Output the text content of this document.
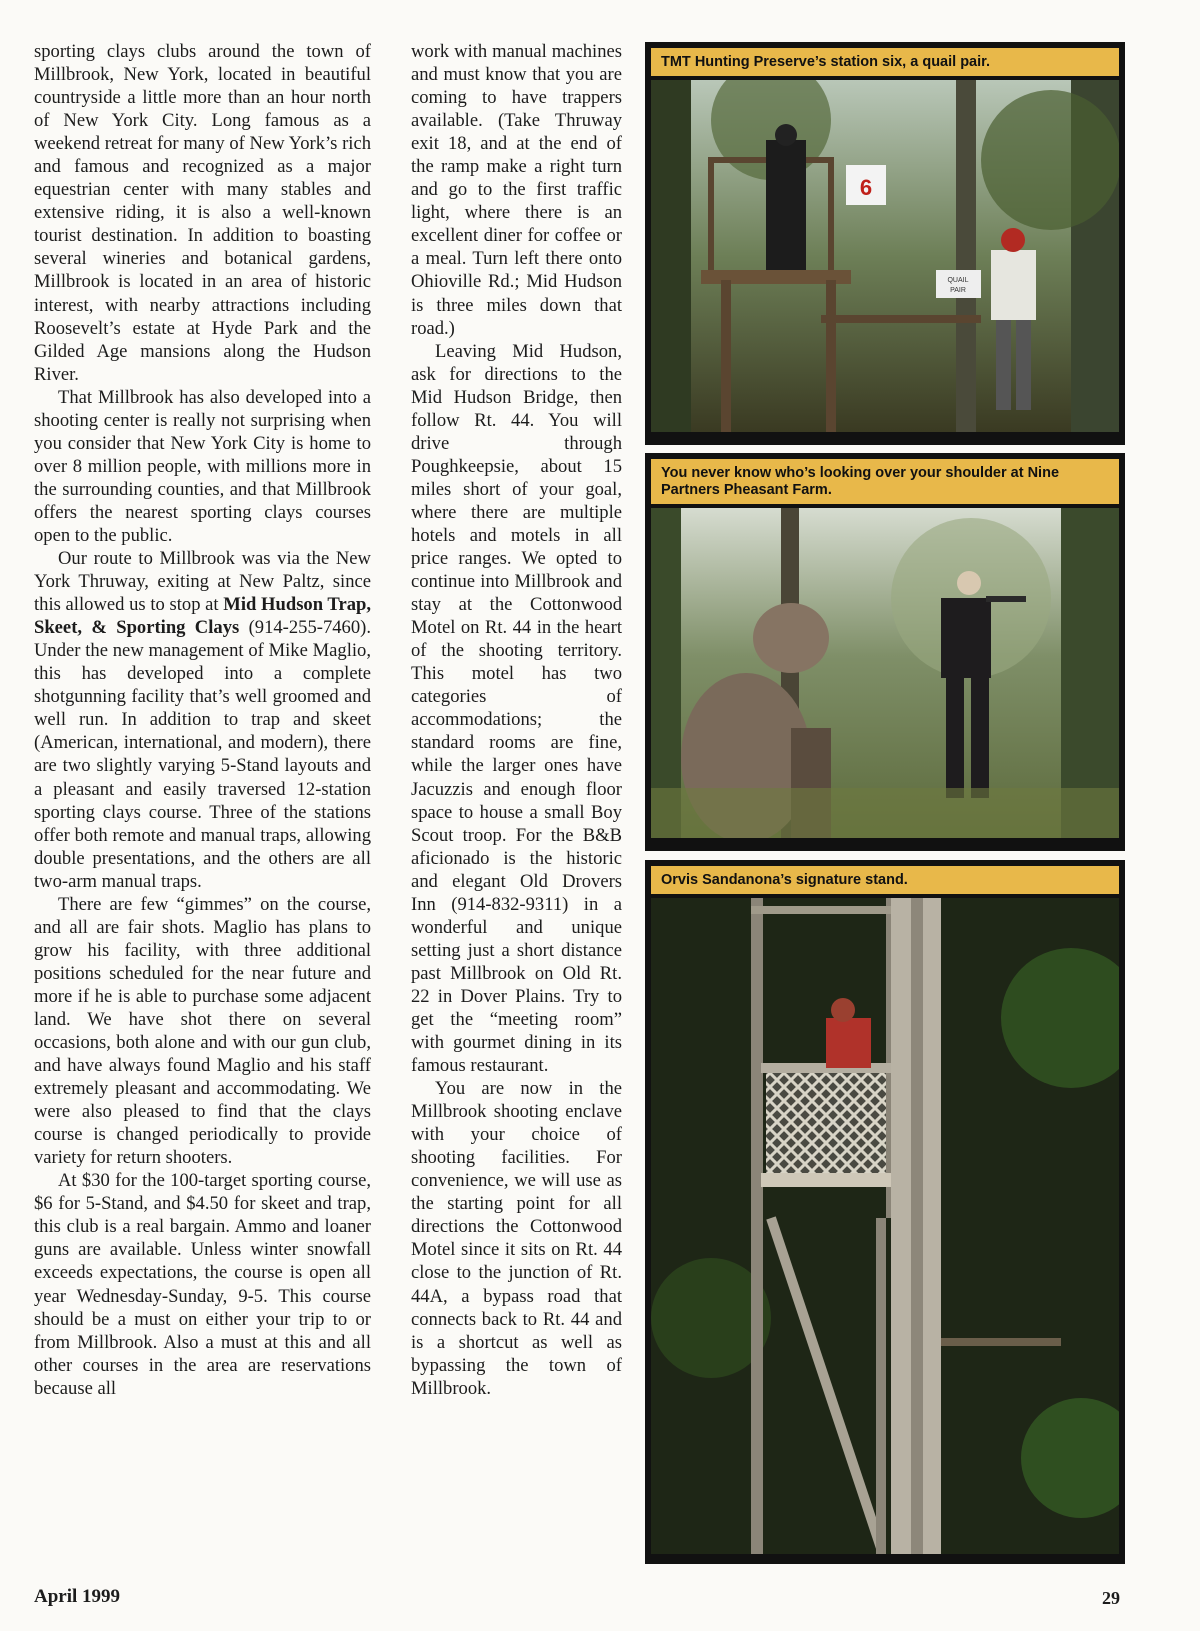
sporting clays clubs around the town of Millbrook, New York, located in beautiful countryside a little more than an hour north of New York City. Long famous as a weekend retreat for many of New York’s rich and famous and recognized as a major equestrian center with many stables and extensive riding, it is also a well-known tourist destination. In addition to boasting several wineries and botanical gardens, Millbrook is located in an area of historic interest, with nearby attractions including Roosevelt’s estate at Hyde Park and the Gilded Age mansions along the Hudson River.

That Millbrook has also developed into a shooting center is really not surprising when you consider that New York City is home to over 8 million people, with millions more in the surrounding counties, and that Millbrook offers the nearest sporting clays courses open to the public.

Our route to Millbrook was via the New York Thruway, exiting at New Paltz, since this allowed us to stop at Mid Hudson Trap, Skeet, & Sporting Clays (914-255-7460). Under the new management of Mike Maglio, this has developed into a complete shotgunning facility that’s well groomed and well run. In addition to trap and skeet (American, international, and modern), there are two slightly varying 5-Stand layouts and a pleasant and easily traversed 12-station sporting clays course. Three of the stations offer both remote and manual traps, allowing double presentations, and the others are all two-arm manual traps.

There are few “gimmes” on the course, and all are fair shots. Maglio has plans to grow his facility, with three additional positions scheduled for the near future and more if he is able to purchase some adjacent land. We have shot there on several occasions, both alone and with our gun club, and have always found Maglio and his staff extremely pleasant and accommodating. We were also pleased to find that the clays course is changed periodically to provide variety for return shooters.

At $30 for the 100-target sporting course, $6 for 5-Stand, and $4.50 for skeet and trap, this club is a real bargain. Ammo and loaner guns are available. Unless winter snowfall exceeds expectations, the course is open all year Wednesday-Sunday, 9-5. This course should be a must on either your trip to or from Millbrook. Also a must at this and all other courses in the area are reservations because all

work with manual machines and must know that you are coming to have trappers available. (Take Thruway exit 18, and at the end of the ramp make a right turn and go to the first traffic light, where there is an excellent diner for coffee or a meal. Turn left there onto Ohioville Rd.; Mid Hudson is three miles down that road.)

Leaving Mid Hudson, ask for directions to the Mid Hudson Bridge, then follow Rt. 44. You will drive through Poughkeepsie, about 15 miles short of your goal, where there are multiple hotels and motels in all price ranges. We opted to continue into Millbrook and stay at the Cottonwood Motel on Rt. 44 in the heart of the shooting territory. This motel has two categories of accommodations; the standard rooms are fine, while the larger ones have Jacuzzis and enough floor space to house a small Boy Scout troop. For the B&B aficionado is the historic and elegant Old Drovers Inn (914-832-9311) in a wonderful and unique setting just a short distance past Millbrook on Old Rt. 22 in Dover Plains. Try to get the “meeting room” with gourmet dining in its famous restaurant.

You are now in the Millbrook shooting enclave with your choice of shooting facilities. For convenience, we will use as the starting point for all directions the Cottonwood Motel since it sits on Rt. 44 close to the junction of Rt. 44A, a bypass road that connects back to Rt. 44 and is a shortcut as well as bypassing the town of Millbrook.

TMT Hunting Preserve’s station six, a quail pair.
6
QUAIL
PAIR
You never know who’s looking over your shoulder at Nine Partners Pheasant Farm.
Orvis Sandanona’s signature stand.
April 1999	29
